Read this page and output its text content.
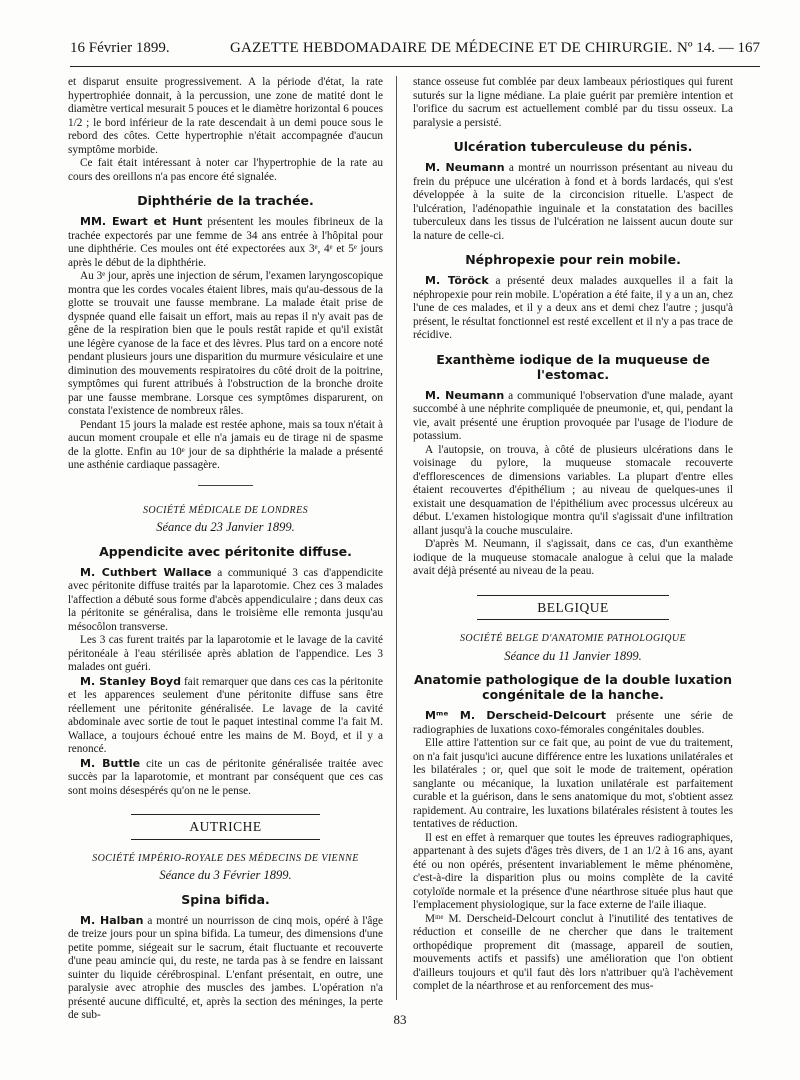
16 Février 1899.	GAZETTE HEBDOMADAIRE DE MÉDECINE ET DE CHIRURGIE. Nº 14. — 167

et disparut ensuite progressivement. A la période d'état, la rate hypertrophiée donnait, à la percussion, une zone de matité dont le diamètre vertical mesurait 5 pouces et le diamètre horizontal 6 pouces 1/2 ; le bord inférieur de la rate descendait à un demi pouce sous le rebord des côtes. Cette hypertrophie n'était accompagnée d'aucun symptôme morbide.

Ce fait était intéressant à noter car l'hypertrophie de la rate au cours des oreillons n'a pas encore été signalée.

Diphthérie de la trachée.

MM. Ewart et Hunt présentent les moules fibrineux de la trachée expectorés par une femme de 34 ans entrée à l'hôpital pour une diphthérie. Ces moules ont été expectorées aux 3ᵉ, 4ᵉ et 5ᵉ jours après le début de la diphthérie.

Au 3ᵉ jour, après une injection de sérum, l'examen laryngoscopique montra que les cordes vocales étaient libres, mais qu'au-dessous de la glotte se trouvait une fausse membrane. La malade était prise de dyspnée quand elle faisait un effort, mais au repas il n'y avait pas de gêne de la respiration bien que le pouls restât rapide et qu'il existât une légère cyanose de la face et des lèvres. Plus tard on a encore noté pendant plusieurs jours une disparition du murmure vésiculaire et une diminution des mouvements respiratoires du côté droit de la poitrine, symptômes qui furent attribués à l'obstruction de la bronche droite par une fausse membrane. Lorsque ces symptômes disparurent, on constata l'existence de nombreux râles.

Pendant 15 jours la malade est restée aphone, mais sa toux n'était à aucun moment croupale et elle n'a jamais eu de tirage ni de spasme de la glotte. Enfin au 10ᵉ jour de sa diphthérie la malade a présenté une asthénie cardiaque passagère.

SOCIÉTÉ MÉDICALE DE LONDRES
Séance du 23 Janvier 1899.
Appendicite avec péritonite diffuse.

M. Cuthbert Wallace a communiqué 3 cas d'appendicite avec péritonite diffuse traités par la laparotomie. Chez ces 3 malades l'affection a débuté sous forme d'abcès appendiculaire ; dans deux cas la péritonite se généralisa, dans le troisième elle remonta jusqu'au mésocôlon transverse.

Les 3 cas furent traités par la laparotomie et le lavage de la cavité péritonéale à l'eau stérilisée après ablation de l'appendice. Les 3 malades ont guéri.

M. Stanley Boyd fait remarquer que dans ces cas la péritonite et les apparences seulement d'une péritonite diffuse sans être réellement une péritonite généralisée. Le lavage de la cavité abdominale avec sortie de tout le paquet intestinal comme l'a fait M. Wallace, a toujours échoué entre les mains de M. Boyd, et il y a renoncé.

M. Buttle cite un cas de péritonite généralisée traitée avec succès par la laparotomie, et montrant par conséquent que ces cas sont moins désespérés qu'on ne le pense.

AUTRICHE
SOCIÉTÉ IMPÉRIO-ROYALE DES MÉDECINS DE VIENNE
Séance du 3 Février 1899.
Spina bifida.

M. Halban a montré un nourrisson de cinq mois, opéré à l'âge de treize jours pour un spina bifida. La tumeur, des dimensions d'une petite pomme, siégeait sur le sacrum, était fluctuante et recouverte d'une peau amincie qui, du reste, ne tarda pas à se fendre en laissant suinter du liquide cérébrospinal. L'enfant présentait, en outre, une paralysie avec atrophie des muscles des jambes. L'opération n'a présenté aucune difficulté, et, après la section des méninges, la perte de sub-

stance osseuse fut comblée par deux lambeaux périostiques qui furent suturés sur la ligne médiane. La plaie guérit par première intention et l'orifice du sacrum est actuellement comblé par du tissu osseux. La paralysie a persisté.

Ulcération tuberculeuse du pénis.

M. Neumann a montré un nourrisson présentant au niveau du frein du prépuce une ulcération à fond et à bords lardacés, qui s'est développée à la suite de la circoncision rituelle. L'aspect de l'ulcération, l'adénopathie inguinale et la constatation des bacilles tuberculeux dans les tissus de l'ulcération ne laissent aucun doute sur la nature de celle-ci.

Néphropexie pour rein mobile.

M. Töröck a présenté deux malades auxquelles il a fait la néphropexie pour rein mobile. L'opération a été faite, il y a un an, chez l'une de ces malades, et il y a deux ans et demi chez l'autre ; jusqu'à présent, le résultat fonctionnel est resté excellent et il n'y a pas trace de récidive.

Exanthème iodique de la muqueuse de l'estomac.

M. Neumann a communiqué l'observation d'une malade, ayant succombé à une néphrite compliquée de pneumonie, et, qui, pendant la vie, avait présenté une éruption provoquée par l'usage de l'iodure de potassium.

A l'autopsie, on trouva, à côté de plusieurs ulcérations dans le voisinage du pylore, la muqueuse stomacale recouverte d'efflorescences de dimensions variables. La plupart d'entre elles étaient recouvertes d'épithélium ; au niveau de quelques-unes il existait une desquamation de l'épithélium avec processus ulcéreux au début. L'examen histologique montra qu'il s'agissait d'une infiltration allant jusqu'à la couche musculaire.

D'après M. Neumann, il s'agissait, dans ce cas, d'un exanthème iodique de la muqueuse stomacale analogue à celui que la malade avait déjà présenté au niveau de la peau.

BELGIQUE
SOCIÉTÉ BELGE D'ANATOMIE PATHOLOGIQUE
Séance du 11 Janvier 1899.
Anatomie pathologique de la double luxation congénitale de la hanche.

Mᵐᵉ M. Derscheid-Delcourt présente une série de radiographies de luxations coxo-fémorales congénitales doubles.

Elle attire l'attention sur ce fait que, au point de vue du traitement, on n'a fait jusqu'ici aucune différence entre les luxations unilatérales et les bilatérales ; or, quel que soit le mode de traitement, opération sanglante ou mécanique, la luxation unilatérale est parfaitement curable et la guérison, dans le sens anatomique du mot, s'obtient assez rapidement. Au contraire, les luxations bilatérales résistent à toutes les tentatives de réduction.

Il est en effet à remarquer que toutes les épreuves radiographiques, appartenant à des sujets d'âges très divers, de 1 an 1/2 à 16 ans, ayant été ou non opérés, présentent invariablement le même phénomène, c'est-à-dire la disparition plus ou moins complète de la cavité cotyloïde normale et la présence d'une néarthrose située plus haut que l'emplacement physiologique, sur la face externe de l'aile iliaque.

Mᵐᵉ M. Derscheid-Delcourt conclut à l'inutilité des tentatives de réduction et conseille de ne chercher que dans le traitement orthopédique proprement dit (massage, appareil de soutien, mouvements actifs et passifs) une amélioration que l'on obtient d'ailleurs toujours et qu'il faut dès lors n'attribuer qu'à l'achèvement complet de la néarthrose et au renforcement des mus-

83
